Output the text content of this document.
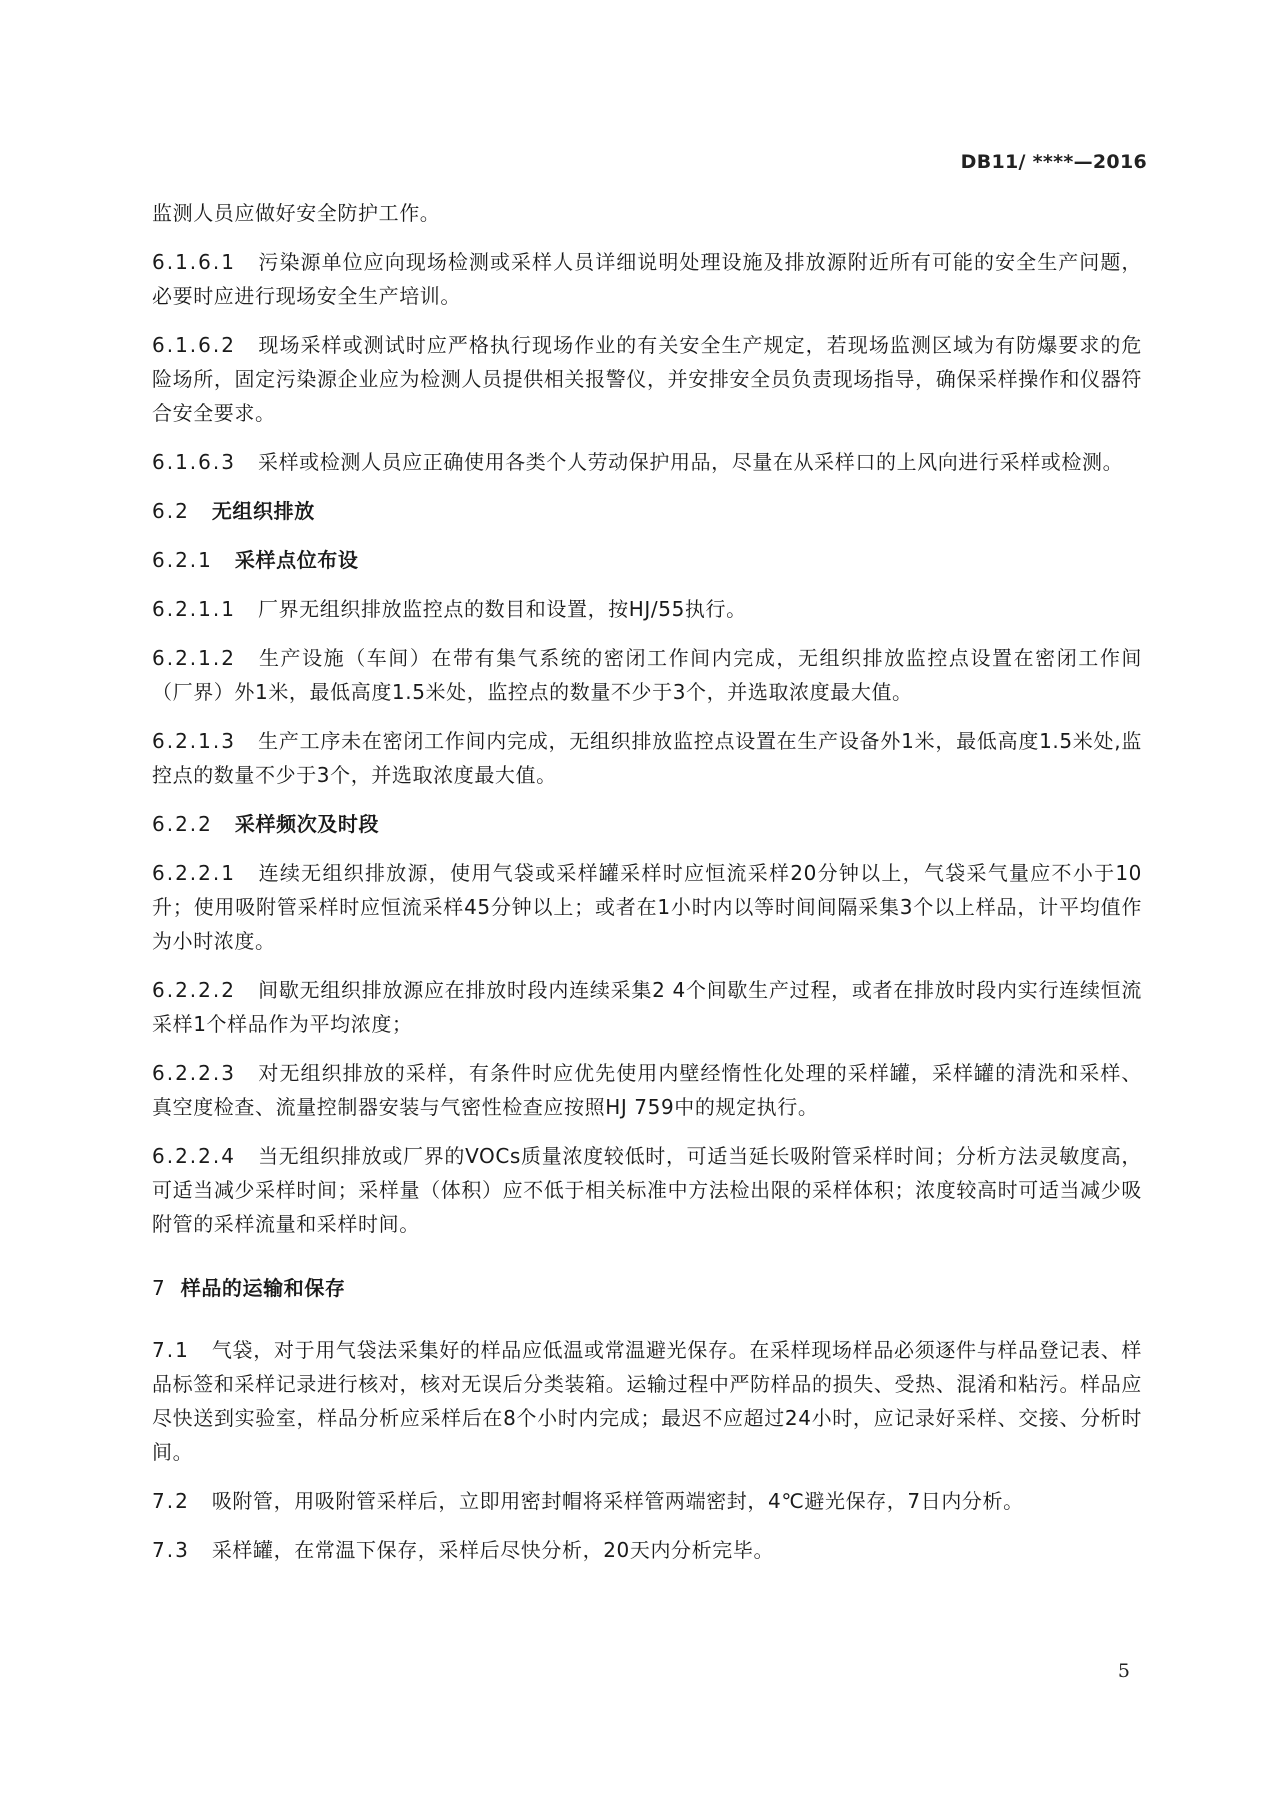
DB11/ ****—2016

监测人员应做好安全防护工作。

6.1.6.1 污染源单位应向现场检测或采样人员详细说明处理设施及排放源附近所有可能的安全生产问题，必要时应进行现场安全生产培训。

6.1.6.2 现场采样或测试时应严格执行现场作业的有关安全生产规定，若现场监测区域为有防爆要求的危险场所，固定污染源企业应为检测人员提供相关报警仪，并安排安全员负责现场指导，确保采样操作和仪器符合安全要求。

6.1.6.3 采样或检测人员应正确使用各类个人劳动保护用品，尽量在从采样口的上风向进行采样或检测。

6.2 无组织排放
6.2.1 采样点位布设

6.2.1.1 厂界无组织排放监控点的数目和设置，按HJ/55执行。

6.2.1.2 生产设施（车间）在带有集气系统的密闭工作间内完成，无组织排放监控点设置在密闭工作间（厂界）外1米，最低高度1.5米处，监控点的数量不少于3个，并选取浓度最大值。

6.2.1.3 生产工序未在密闭工作间内完成，无组织排放监控点设置在生产设备外1米，最低高度1.5米处,监控点的数量不少于3个，并选取浓度最大值。

6.2.2 采样频次及时段

6.2.2.1 连续无组织排放源，使用气袋或采样罐采样时应恒流采样20分钟以上，气袋采气量应不小于10升；使用吸附管采样时应恒流采样45分钟以上；或者在1小时内以等时间间隔采集3个以上样品，计平均值作为小时浓度。

6.2.2.2 间歇无组织排放源应在排放时段内连续采集2 4个间歇生产过程，或者在排放时段内实行连续恒流采样1个样品作为平均浓度；

6.2.2.3 对无组织排放的采样，有条件时应优先使用内壁经惰性化处理的采样罐，采样罐的清洗和采样、真空度检查、流量控制器安装与气密性检查应按照HJ 759中的规定执行。

6.2.2.4 当无组织排放或厂界的VOCs质量浓度较低时，可适当延长吸附管采样时间；分析方法灵敏度高，可适当减少采样时间；采样量（体积）应不低于相关标准中方法检出限的采样体积；浓度较高时可适当减少吸附管的采样流量和采样时间。

7 样品的运输和保存

7.1 气袋，对于用气袋法采集好的样品应低温或常温避光保存。在采样现场样品必须逐件与样品登记表、样品标签和采样记录进行核对，核对无误后分类装箱。运输过程中严防样品的损失、受热、混淆和粘污。样品应尽快送到实验室，样品分析应采样后在8个小时内完成；最迟不应超过24小时，应记录好采样、交接、分析时间。

7.2 吸附管，用吸附管采样后，立即用密封帽将采样管两端密封，4℃避光保存，7日内分析。

7.3 采样罐，在常温下保存，采样后尽快分析，20天内分析完毕。

5
